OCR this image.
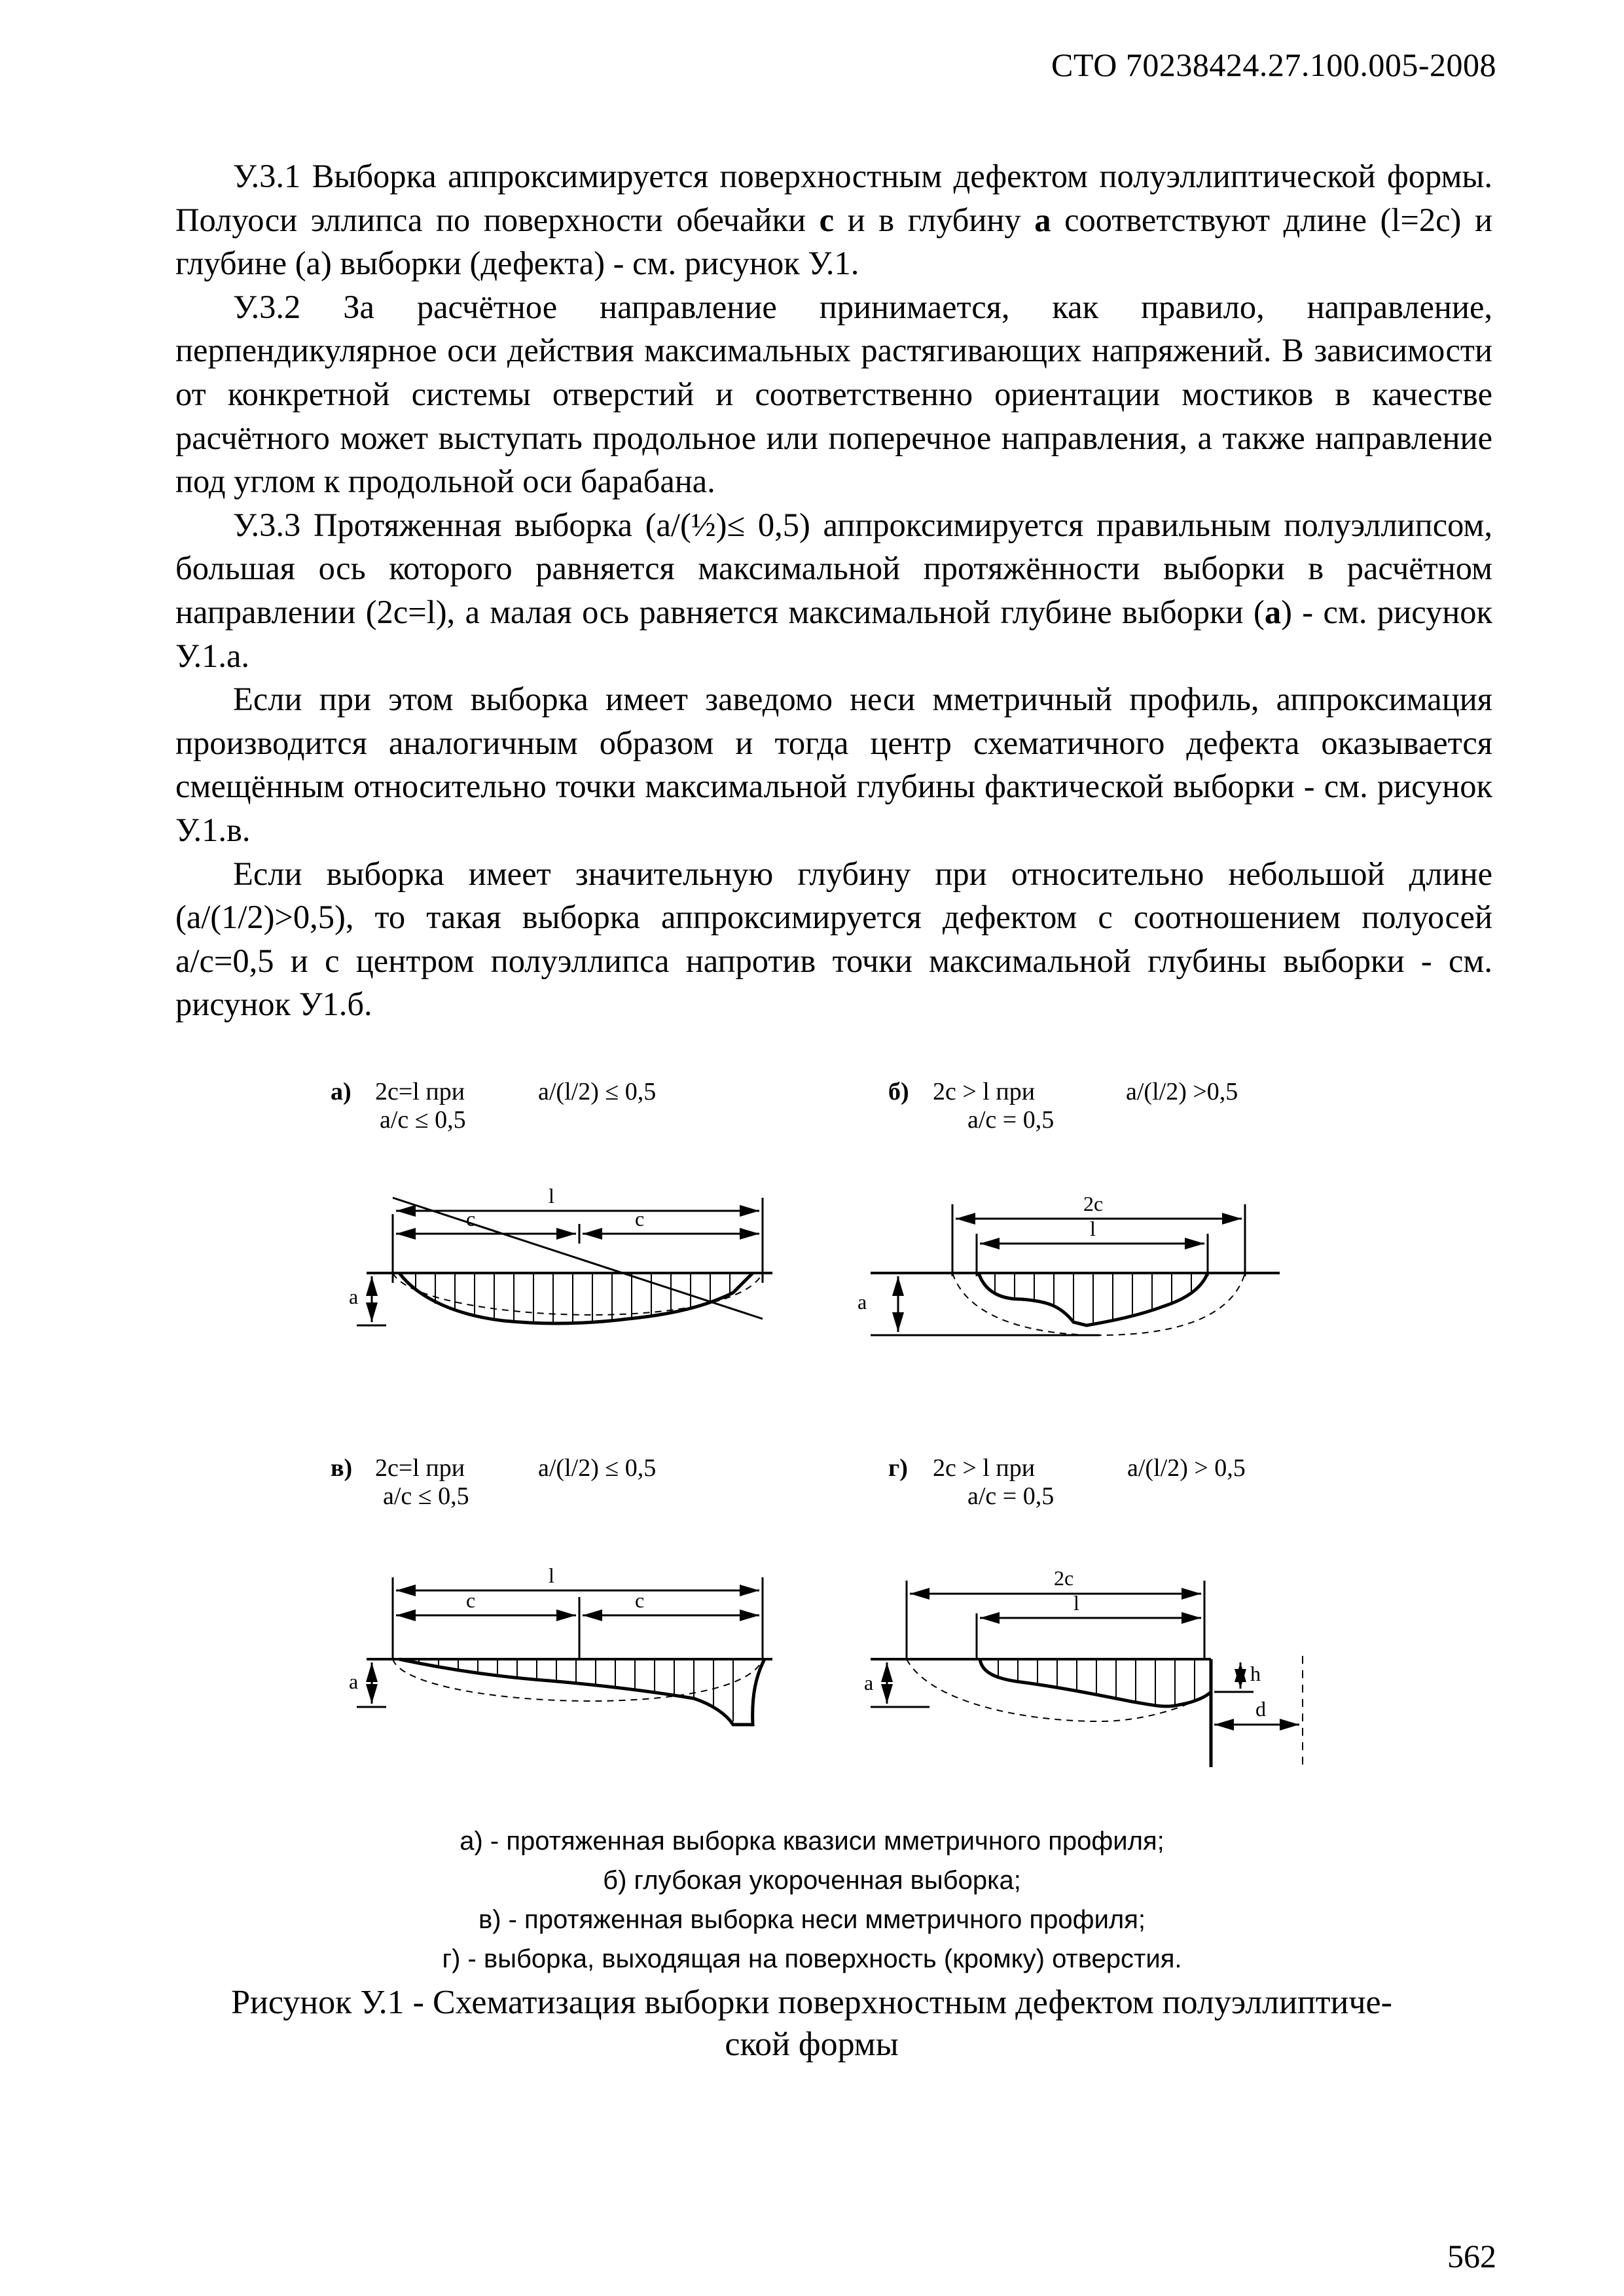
СТО 70238424.27.100.005-2008

У.3.1 Выборка аппроксимируется поверхностным дефектом полуэллиптической формы. Полуоси эллипса по поверхности обечайки c и в глубину a соответствуют длине (l=2c) и глубине (a) выборки (дефекта) - см. рисунок У.1.

У.3.2 За расчётное направление принимается, как правило, направление, перпендикулярное оси действия максимальных растягивающих напряжений. В зависимости от конкретной системы отверстий и соответственно ориентации мостиков в качестве расчётного может выступать продольное или поперечное направления, а также направление под углом к продольной оси барабана.

У.3.3 Протяженная выборка (a/(½)≤ 0,5) аппроксимируется правильным полуэллипсом, большая ось которого равняется максимальной протяжённости выборки в расчётном направлении (2c=l), а малая ось равняется максимальной глубине выборки (a) - см. рисунок У.1.а.

Если при этом выборка имеет заведомо неси мметричный профиль, аппроксимация производится аналогичным образом и тогда центр схематичного дефекта оказывается смещённым относительно точки максимальной глубины фактической выборки - см. рисунок У.1.в.

Если выборка имеет значительную глубину при относительно небольшой длине (a/(1/2)>0,5), то такая выборка аппроксимируется дефектом с соотношением полуосей a/c=0,5 и с центром полуэллипса напротив точки максимальной глубины выборки - см. рисунок У1.б.

а) 2c=l при	a/(l/2) ≤ 0,5
a/c ≤ 0,5
l
c	c
a
б) 2c > l при	a/(l/2) >0,5
a/c = 0,5
2c
l
a
в) 2c=l при	a/(l/2) ≤ 0,5
a/c ≤ 0,5
l
c	c
a
г) 2c > l при	a/(l/2) > 0,5
a/c = 0,5
2c
l
a	h
d
а) - протяженная выборка квазиси мметричного профиля;
б) глубокая укороченная выборка;
в) - протяженная выборка неси мметричного профиля;
г) - выборка, выходящая на поверхность (кромку) отверстия.
Рисунок У.1 - Схематизация выборки поверхностным дефектом полуэллиптиче-
ской формы
562
